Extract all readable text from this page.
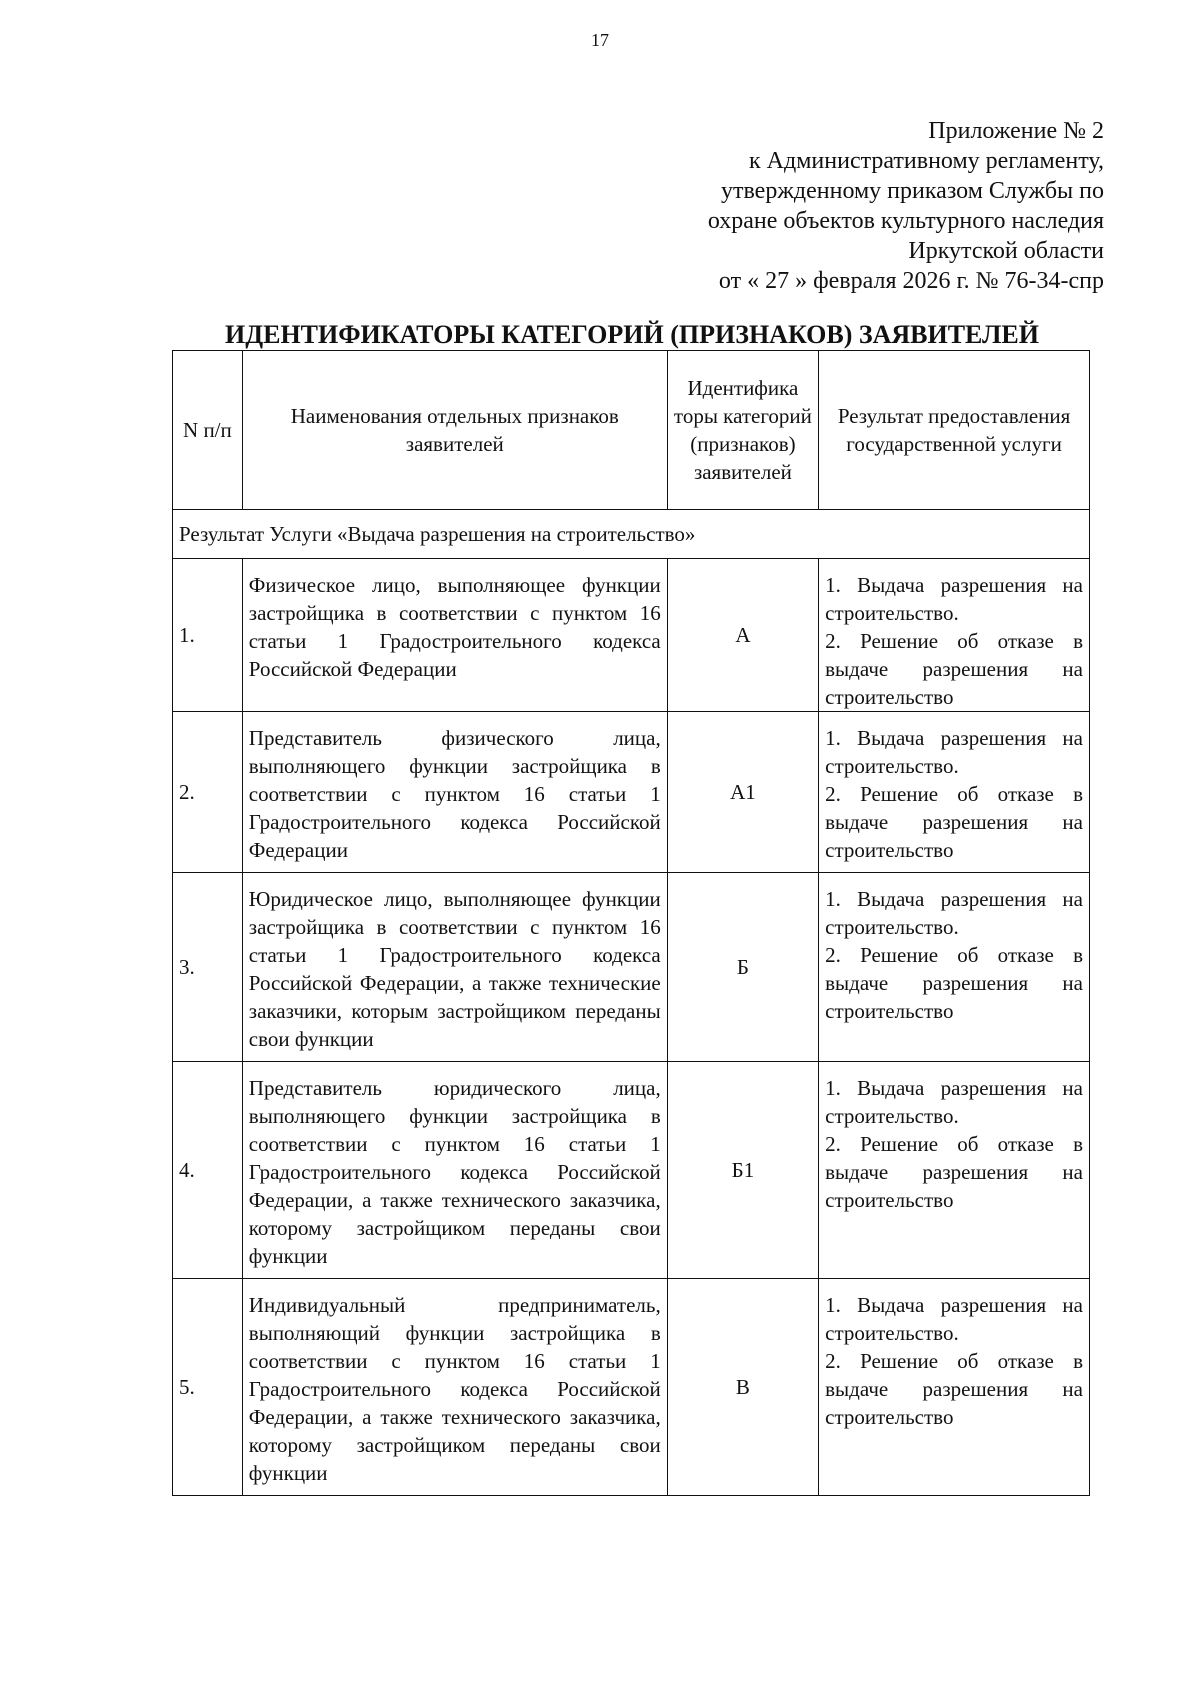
17
Приложение № 2
к Административному регламенту,
утвержденному приказом Службы по
охране объектов культурного наследия
Иркутской области
от « 27 » февраля 2026 г. № 76-34-спр
ИДЕНТИФИКАТОРЫ КАТЕГОРИЙ (ПРИЗНАКОВ) ЗАЯВИТЕЛЕЙ
N п/п	Наименования отдельных признаков заявителей	Идентифика торы категорий (признаков) заявителей	Результат предоставления государственной услуги
Результат Услуги «Выдача разрешения на строительство»			
1.	Физическое лицо, выполняющее функции застройщика в соответствии с пунктом 16 статьи 1 Градостроительного кодекса Российской Федерации	А	1. Выдача разрешения на строительство.
2. Решение об отказе в выдаче разрешения на строительство

2.	Представитель физического лица, выполняющего функции застройщика в соответствии с пунктом 16 статьи 1 Градостроительного кодекса Российской Федерации	А1	1. Выдача разрешения на строительство.
2. Решение об отказе в выдаче разрешения на строительство

3.	Юридическое лицо, выполняющее функции застройщика в соответствии с пунктом 16 статьи 1 Градостроительного кодекса Российской Федерации, а также технические заказчики, которым застройщиком переданы свои функции	Б	1. Выдача разрешения на строительство.
2. Решение об отказе в выдаче разрешения на строительство

4.	Представитель юридического лица, выполняющего функции застройщика в соответствии с пунктом 16 статьи 1 Градостроительного кодекса Российской Федерации, а также технического заказчика, которому застройщиком переданы свои функции	Б1	1. Выдача разрешения на строительство.
2. Решение об отказе в выдаче разрешения на строительство

5.	Индивидуальный предприниматель, выполняющий функции застройщика в соответствии с пунктом 16 статьи 1 Градостроительного кодекса Российской Федерации, а также технического заказчика, которому застройщиком переданы свои функции	В	1. Выдача разрешения на строительство.
2. Решение об отказе в выдаче разрешения на строительство
